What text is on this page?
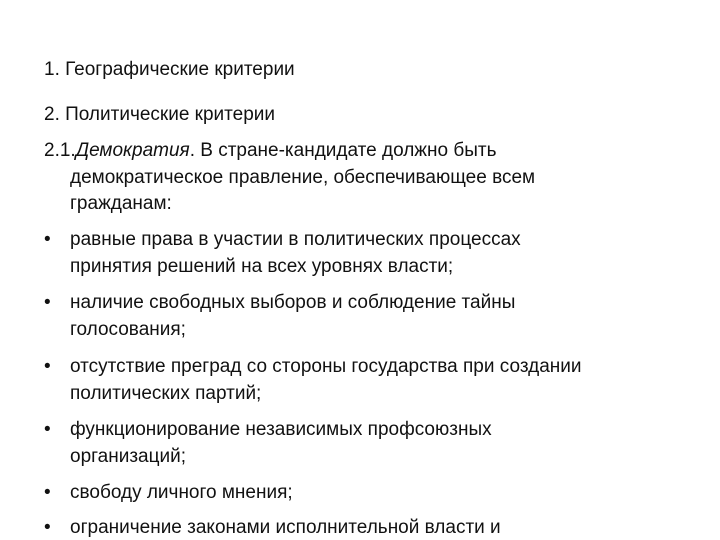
1. Географические критерии
2. Политические критерии
2.1.Демократия. В стране-кандидате должно быть
демократическое правление, обеспечивающее всем
гражданам:
• равные права в участии в политических процессах
принятия решений на всех уровнях власти;
• наличие свободных выборов и соблюдение тайны
голосования;
• отсутствие преград со стороны государства при создании
политических партий;
• функционирование независимых профсоюзных
организаций;
• свободу личного мнения;
• ограничение законами исполнительной власти и
